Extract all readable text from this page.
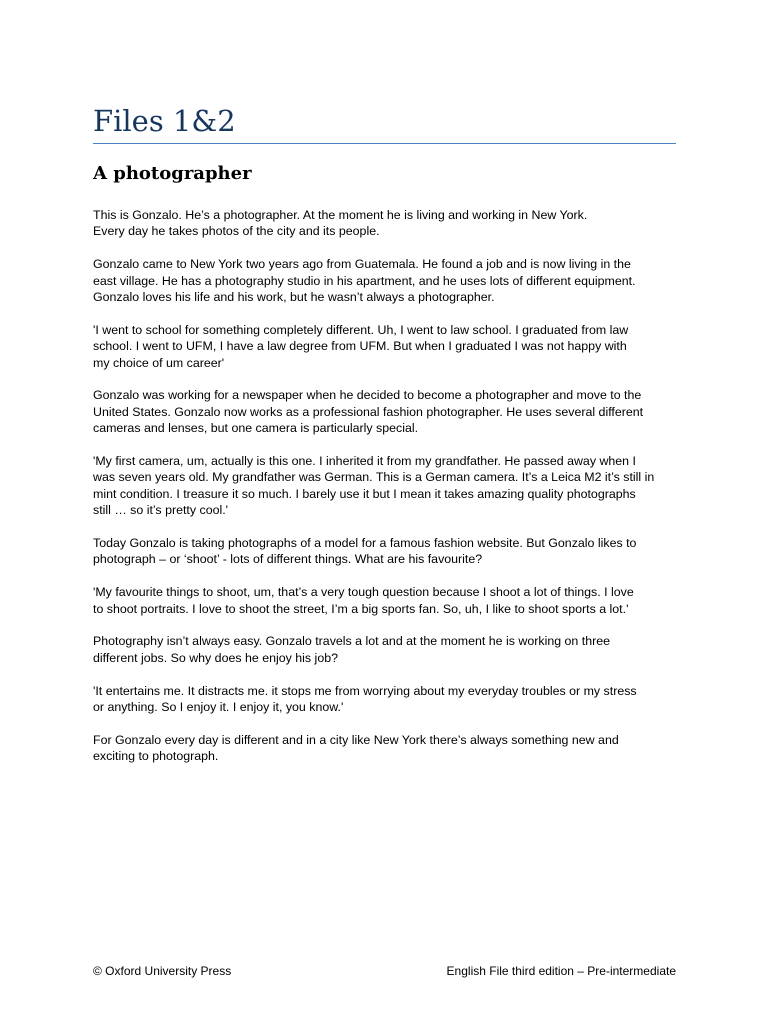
Files 1&2
A photographer

This is Gonzalo. He’s a photographer. At the moment he is living and working in New York.
Every day he takes photos of the city and its people.

Gonzalo came to New York two years ago from Guatemala. He found a job and is now living in the
east village. He has a photography studio in his apartment, and he uses lots of different equipment.
Gonzalo loves his life and his work, but he wasn’t always a photographer.

'I went to school for something completely different. Uh, I went to law school. I graduated from law
school. I went to UFM, I have a law degree from UFM. But when I graduated I was not happy with
my choice of um career'

Gonzalo was working for a newspaper when he decided to become a photographer and move to the
United States. Gonzalo now works as a professional fashion photographer. He uses several different
cameras and lenses, but one camera is particularly special.

'My first camera, um, actually is this one. I inherited it from my grandfather. He passed away when I
was seven years old. My grandfather was German. This is a German camera. It’s a Leica M2 it’s still in
mint condition. I treasure it so much. I barely use it but I mean it takes amazing quality photographs
still … so it’s pretty cool.'

Today Gonzalo is taking photographs of a model for a famous fashion website. But Gonzalo likes to
photograph – or ‘shoot’ - lots of different things. What are his favourite?

'My favourite things to shoot, um, that’s a very tough question because I shoot a lot of things. I love
to shoot portraits. I love to shoot the street, I’m a big sports fan. So, uh, I like to shoot sports a lot.'

Photography isn’t always easy. Gonzalo travels a lot and at the moment he is working on three
different jobs. So why does he enjoy his job?

'It entertains me. It distracts me. it stops me from worrying about my everyday troubles or my stress
or anything. So I enjoy it. I enjoy it, you know.'

For Gonzalo every day is different and in a city like New York there’s always something new and
exciting to photograph.

© Oxford University Press	English File third edition – Pre-intermediate
